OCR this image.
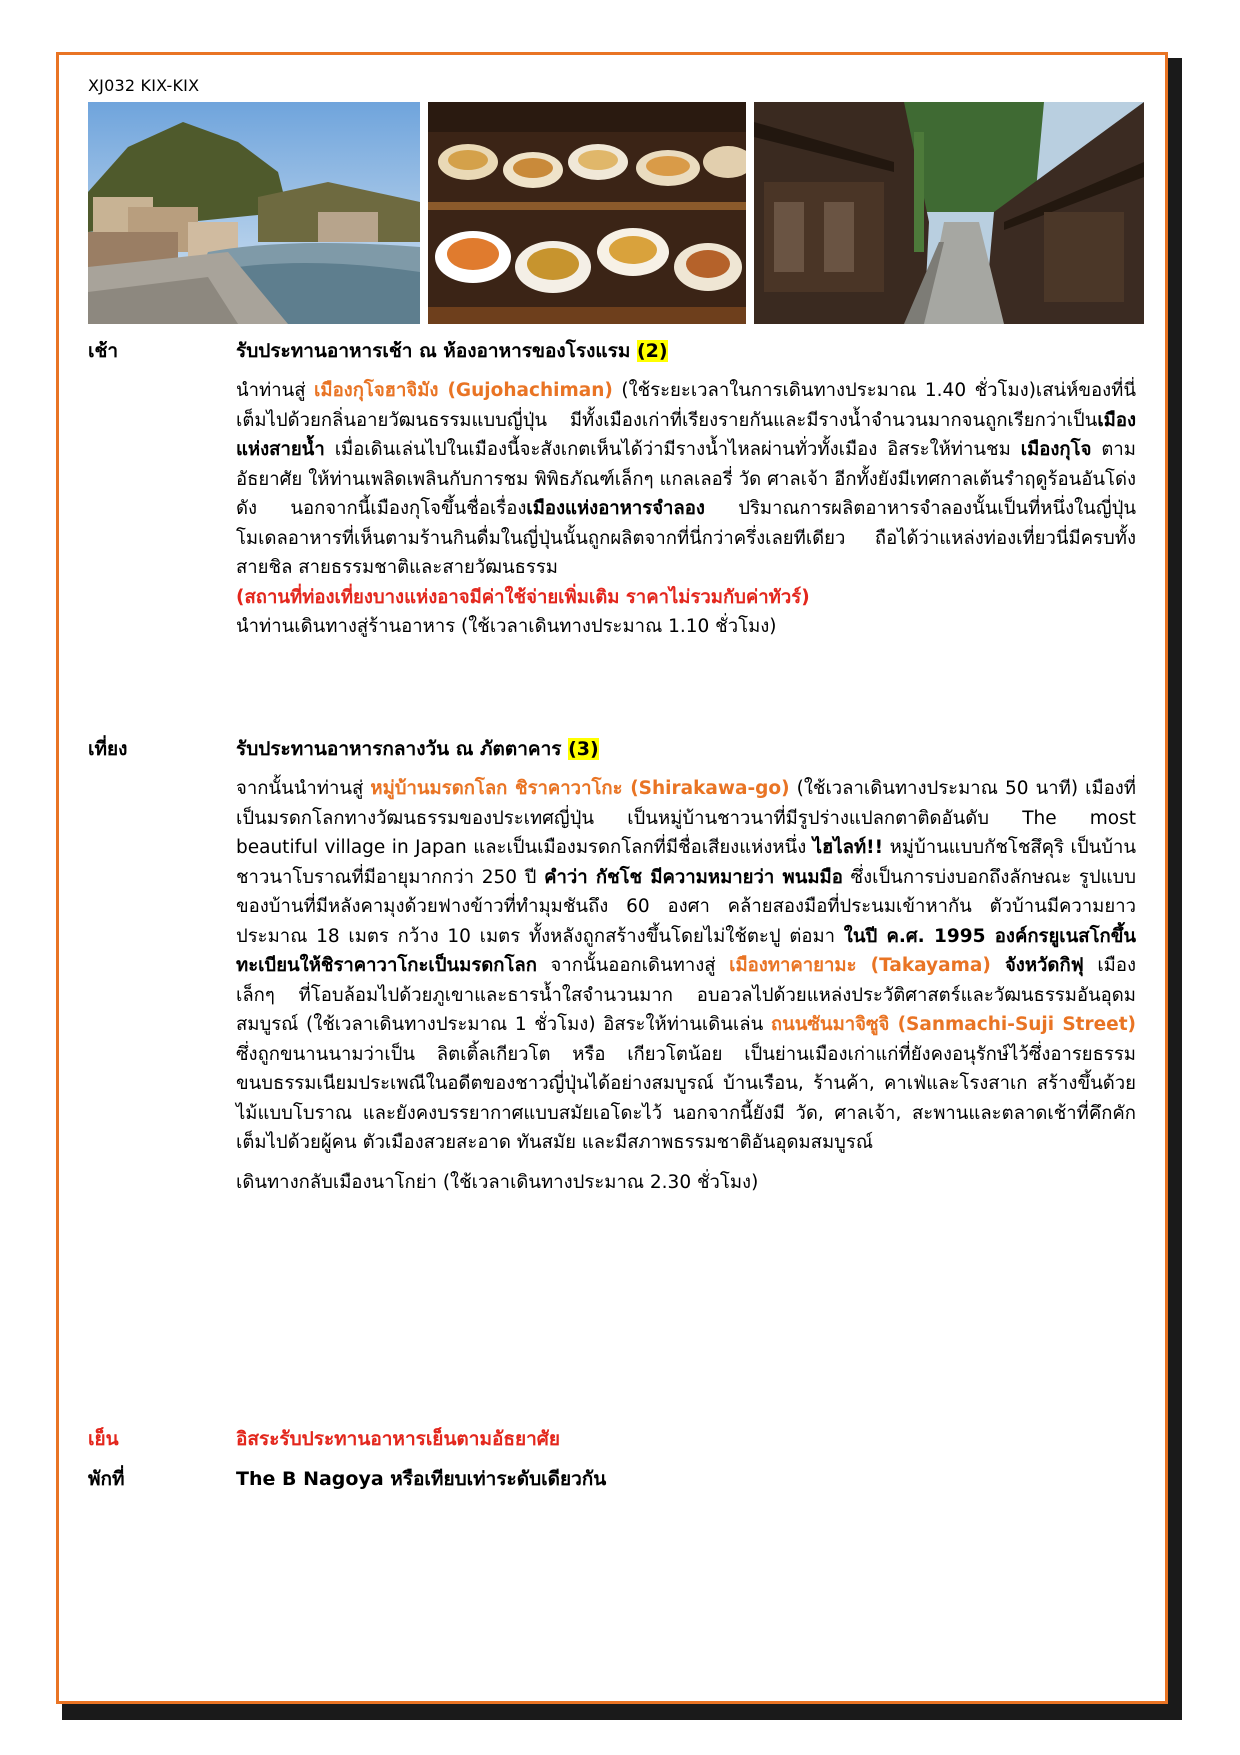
XJ032 KIX-KIX
เช้า	รับประทานอาหารเช้า ณ ห้องอาหารของโรงแรม (2)

นำท่านสู่ เมืองกุโจฮาจิมัง (Gujohachiman) (ใช้ระยะเวลาในการเดินทางประมาณ 1.40 ชั่วโมง)เสน่ห์ของที่นี่เต็มไปด้วยกลิ่นอายวัฒนธรรมแบบญี่ปุ่น มีทั้งเมืองเก่าที่เรียงรายกันและมีรางน้ำจำนวนมากจนถูกเรียกว่าเป็นเมืองแห่งสายน้ำ เมื่อเดินเล่นไปในเมืองนี้จะสังเกตเห็นได้ว่ามีรางน้ำไหลผ่านทั่วทั้งเมือง อิสระให้ท่านชม เมืองกุโจ ตามอัธยาศัย ให้ท่านเพลิดเพลินกับการชม พิพิธภัณฑ์เล็กๆ แกลเลอรี่ วัด ศาลเจ้า อีกทั้งยังมีเทศกาลเต้นรำฤดูร้อนอันโด่งดัง นอกจากนี้เมืองกุโจขึ้นชื่อเรื่องเมืองแห่งอาหารจำลอง ปริมาณการผลิตอาหารจำลองนั้นเป็นที่หนึ่งในญี่ปุ่น โมเดลอาหารที่เห็นตามร้านกินดื่มในญี่ปุ่นนั้นถูกผลิตจากที่นี่กว่าครึ่งเลยทีเดียว ถือได้ว่าแหล่งท่องเที่ยวนี่มีครบทั้งสายชิล สายธรรมชาติและสายวัฒนธรรม

(สถานที่ท่องเที่ยงบางแห่งอาจมีค่าใช้จ่ายเพิ่มเติม ราคาไม่รวมกับค่าทัวร์)

นำท่านเดินทางสู่ร้านอาหาร (ใช้เวลาเดินทางประมาณ 1.10 ชั่วโมง)

เที่ยง	รับประทานอาหารกลางวัน ณ ภัตตาคาร (3)

จากนั้นนำท่านสู่ หมู่บ้านมรดกโลก ชิราคาวาโกะ (Shirakawa-go) (ใช้เวลาเดินทางประมาณ 50 นาที) เมืองที่เป็นมรดกโลกทางวัฒนธรรมของประเทศญี่ปุ่น เป็นหมู่บ้านชาวนาที่มีรูปร่างแปลกตาติดอันดับ The most beautiful village in Japan และเป็นเมืองมรดกโลกที่มีชื่อเสียงแห่งหนึ่ง ไฮไลท์!! หมู่บ้านแบบกัชโชสึคุริ เป็นบ้านชาวนาโบราณที่มีอายุมากกว่า 250 ปี คำว่า กัชโช มีความหมายว่า พนมมือ ซึ่งเป็นการบ่งบอกถึงลักษณะ รูปแบบของบ้านที่มีหลังคามุงด้วยฟางข้าวที่ทำมุมชันถึง 60 องศา คล้ายสองมือที่ประนมเข้าหากัน ตัวบ้านมีความยาวประมาณ 18 เมตร กว้าง 10 เมตร ทั้งหลังถูกสร้างขึ้นโดยไม่ใช้ตะปู ต่อมา ในปี ค.ศ. 1995 องค์กรยูเนสโกขึ้นทะเบียนให้ชิราคาวาโกะเป็นมรดกโลก จากนั้นออกเดินทางสู่ เมืองทาคายามะ (Takayama) จังหวัดกิฟุ เมืองเล็กๆ ที่โอบล้อมไปด้วยภูเขาและธารน้ำใสจำนวนมาก อบอวลไปด้วยแหล่งประวัติศาสตร์และวัฒนธรรมอันอุดมสมบูรณ์ (ใช้เวลาเดินทางประมาณ 1 ชั่วโมง) อิสระให้ท่านเดินเล่น ถนนซันมาจิซูจิ (Sanmachi-Suji Street) ซึ่งถูกขนานนามว่าเป็น ลิตเติ้ลเกียวโต หรือ เกียวโตน้อย เป็นย่านเมืองเก่าแก่ที่ยังคงอนุรักษ์ไว้ซึ่งอารยธรรมขนบธรรมเนียมประเพณีในอดีตของชาวญี่ปุ่นได้อย่างสมบูรณ์ บ้านเรือน, ร้านค้า, คาเฟ่และโรงสาเก สร้างขึ้นด้วยไม้แบบโบราณ และยังคงบรรยากาศแบบสมัยเอโดะไว้ นอกจากนี้ยังมี วัด, ศาลเจ้า, สะพานและตลาดเช้าที่คึกคักเต็มไปด้วยผู้คน ตัวเมืองสวยสะอาด ทันสมัย และมีสภาพธรรมชาติอันอุดมสมบูรณ์

เดินทางกลับเมืองนาโกย่า (ใช้เวลาเดินทางประมาณ 2.30 ชั่วโมง)

เย็น	อิสระรับประทานอาหารเย็นตามอัธยาศัย
พักที่	The B Nagoya หรือเทียบเท่าระดับเดียวกัน
